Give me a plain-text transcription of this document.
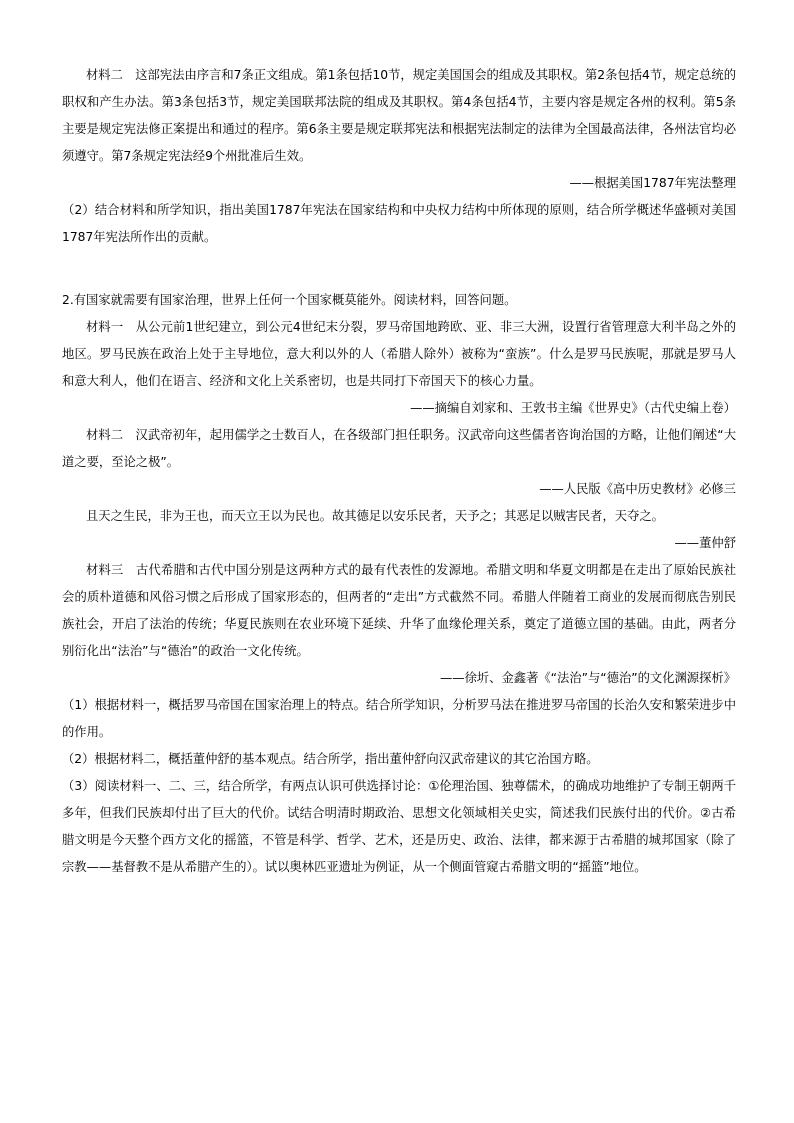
材料二　这部宪法由序言和7条正文组成。第1条包括10节，规定美国国会的组成及其职权。第2条包括4节，规定总统的职权和产生办法。第3条包括3节，规定美国联邦法院的组成及其职权。第4条包括4节，主要内容是规定各州的权利。第5条主要是规定宪法修正案提出和通过的程序。第6条主要是规定联邦宪法和根据宪法制定的法律为全国最高法律，各州法官均必须遵守。第7条规定宪法经9个州批准后生效。

——根据美国1787年宪法整理

（2）结合材料和所学知识，指出美国1787年宪法在国家结构和中央权力结构中所体现的原则，结合所学概述华盛顿对美国1787年宪法所作出的贡献。

2.有国家就需要有国家治理，世界上任何一个国家概莫能外。阅读材料，回答问题。

材料一　从公元前1世纪建立，到公元4世纪末分裂，罗马帝国地跨欧、亚、非三大洲，设置行省管理意大利半岛之外的地区。罗马民族在政治上处于主导地位，意大利以外的人（希腊人除外）被称为“蛮族”。什么是罗马民族呢，那就是罗马人和意大利人，他们在语言、经济和文化上关系密切，也是共同打下帝国天下的核心力量。

——摘编自刘家和、王敦书主编《世界史》（古代史编上卷）

材料二　汉武帝初年，起用儒学之士数百人，在各级部门担任职务。汉武帝向这些儒者咨询治国的方略，让他们阐述“大道之要，至论之极”。

——人民版《高中历史教材》必修三

且天之生民，非为王也，而天立王以为民也。故其德足以安乐民者，天予之；其恶足以贼害民者，天夺之。

——董仲舒

材料三　古代希腊和古代中国分别是这两种方式的最有代表性的发源地。希腊文明和华夏文明都是在走出了原始民族社会的质朴道德和风俗习惯之后形成了国家形态的，但两者的“走出”方式截然不同。希腊人伴随着工商业的发展而彻底告别民族社会，开启了法治的传统；华夏民族则在农业环境下延续、升华了血缘伦理关系，奠定了道德立国的基础。由此，两者分别衍化出“法治”与“德治”的政治一文化传统。

——徐圻、金鑫著《“法治”与“德治”的文化渊源探析》

（1）根据材料一，概括罗马帝国在国家治理上的特点。结合所学知识，分析罗马法在推进罗马帝国的长治久安和繁荣进步中的作用。

（2）根据材料二，概括董仲舒的基本观点。结合所学，指出董仲舒向汉武帝建议的其它治国方略。

（3）阅读材料一、二、三，结合所学，有两点认识可供选择讨论：①伦理治国、独尊儒术，的确成功地维护了专制王朝两千多年，但我们民族却付出了巨大的代价。试结合明清时期政治、思想文化领域相关史实，简述我们民族付出的代价。②古希腊文明是今天整个西方文化的摇篮，不管是科学、哲学、艺术，还是历史、政治、法律，都来源于古希腊的城邦国家（除了宗教——基督教不是从希腊产生的）。试以奥林匹亚遗址为例证，从一个侧面管窥古希腊文明的“摇篮”地位。
